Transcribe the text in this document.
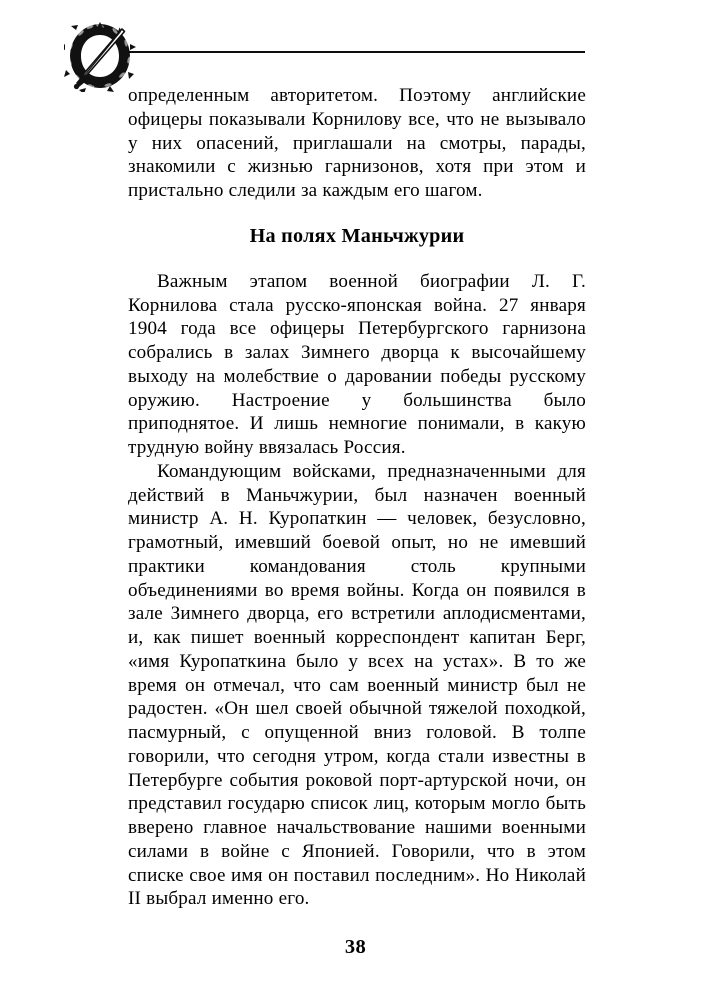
определенным авторитетом. Поэтому английские офицеры показывали Корнилову все, что не вызывало у них опасений, приглашали на смотры, парады, знакомили с жизнью гарнизонов, хотя при этом и пристально следили за каждым его шагом.

На полях Маньчжурии

Важным этапом военной биографии Л. Г. Корнилова стала русско-японская война. 27 января 1904 года все офицеры Петербургского гарнизона собрались в залах Зимнего дворца к высочайшему выходу на молебствие о даровании победы русскому оружию. Настроение у большинства было приподнятое. И лишь немногие понимали, в какую трудную войну ввязалась Россия.

Командующим войсками, предназначенными для действий в Маньчжурии, был назначен военный министр А. Н. Куропаткин — человек, безусловно, грамотный, имевший боевой опыт, но не имевший практики командования столь крупными объединениями во время войны. Когда он появился в зале Зимнего дворца, его встретили аплодисментами, и, как пишет военный корреспондент капитан Берг, «имя Куропаткина было у всех на устах». В то же время он отмечал, что сам военный министр был не радостен. «Он шел своей обычной тяжелой походкой, пасмурный, с опущенной вниз головой. В толпе говорили, что сегодня утром, когда стали известны в Петербурге события роковой порт-артурской ночи, он представил государю список лиц, которым могло быть вверено главное начальствование нашими военными силами в войне с Японией. Говорили, что в этом списке свое имя он поставил последним». Но Николай II выбрал именно его.

38
